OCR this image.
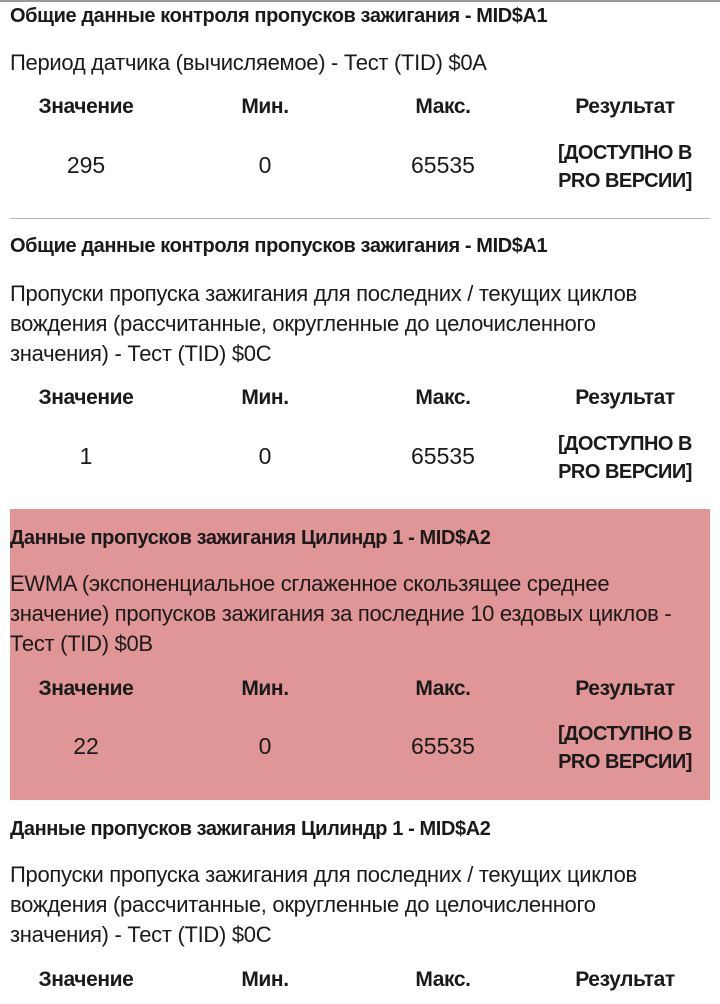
Общие данные контроля пропусков зажигания - MID$A1
Период датчика (вычисляемое) - Тест (TID) $0A
Значение	Мин.	Макс.	Результат
295	0	65535	[ДОСТУПНО В PRO ВЕРСИИ]
Общие данные контроля пропусков зажигания - MID$A1
Пропуски пропуска зажигания для последних / текущих циклов вождения (рассчитанные, округленные до целочисленного значения) - Тест (TID) $0C
Значение	Мин.	Макс.	Результат
1	0	65535	[ДОСТУПНО В PRO ВЕРСИИ]
Данные пропусков зажигания Цилиндр 1 - MID$A2
EWMA (экспоненциальное сглаженное скользящее среднее значение) пропусков зажигания за последние 10 ездовых циклов - Тест (TID) $0B
Значение	Мин.	Макс.	Результат
22	0	65535	[ДОСТУПНО В PRO ВЕРСИИ]
Данные пропусков зажигания Цилиндр 1 - MID$A2
Пропуски пропуска зажигания для последних / текущих циклов вождения (рассчитанные, округленные до целочисленного значения) - Тест (TID) $0C
Значение	Мин.	Макс.	Результат
